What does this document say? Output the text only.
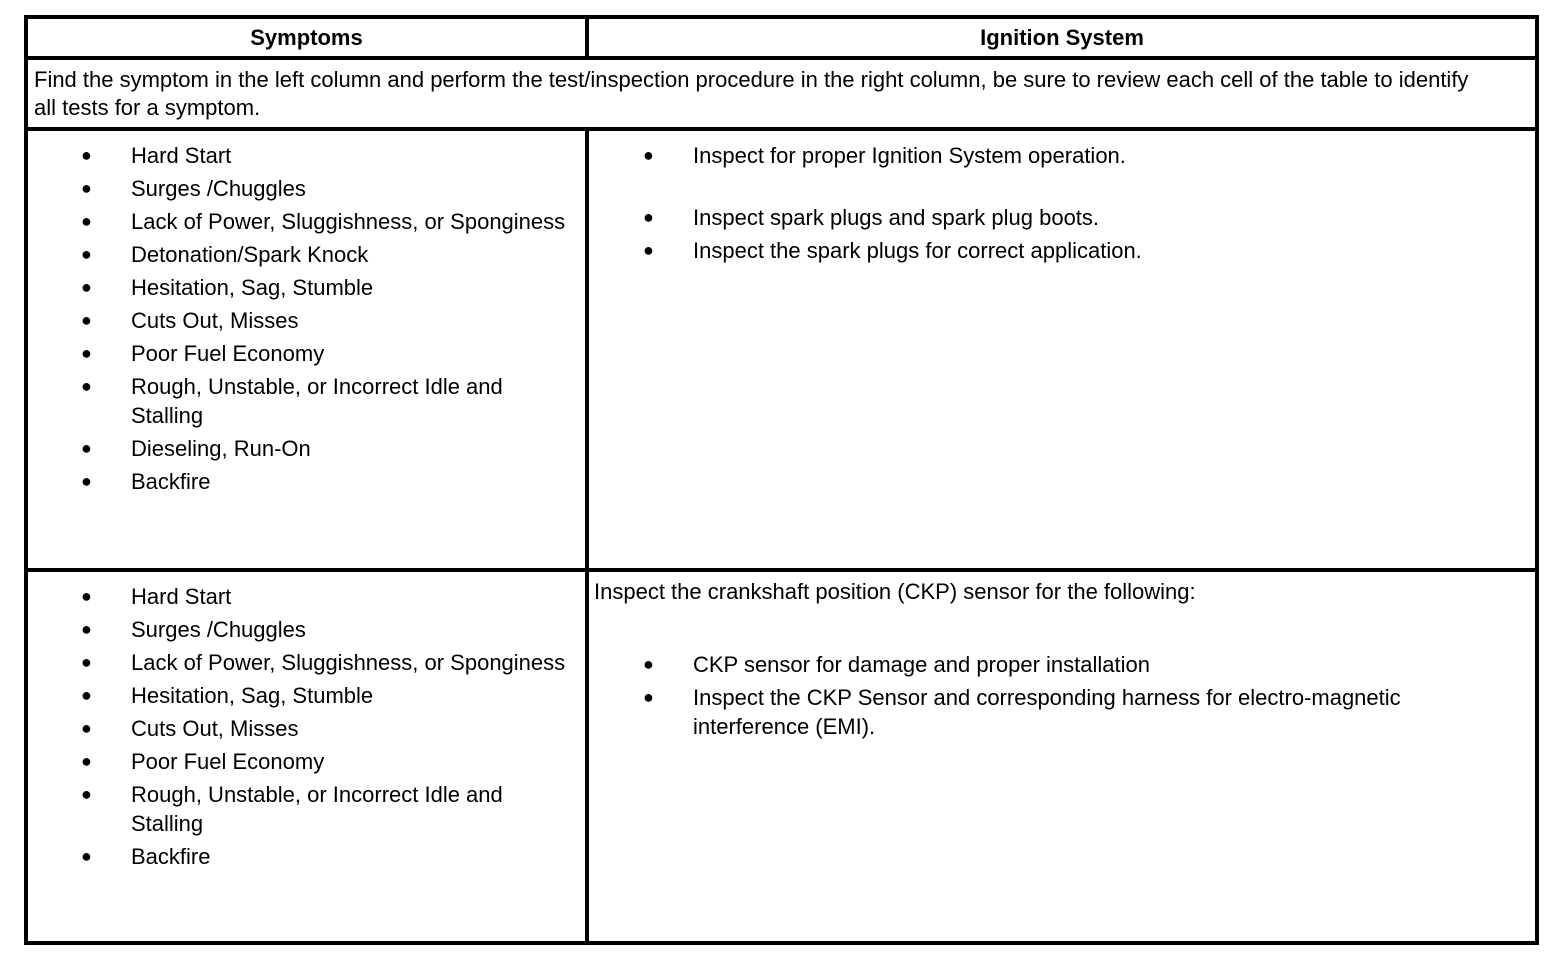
Symptoms	Ignition System
Find the symptom in the left column and perform the test/inspection procedure in the right column, be sure to review each cell of the table to identify all tests for a symptom.
● Hard Start
● Surges /Chuggles
● Lack of Power, Sluggishness, or Sponginess
● Detonation/Spark Knock
● Hesitation, Sag, Stumble
● Cuts Out, Misses
● Poor Fuel Economy
● Rough, Unstable, or Incorrect Idle and Stalling
● Dieseling, Run-On
● Backfire
● Inspect for proper Ignition System operation.
● Inspect spark plugs and spark plug boots.
● Inspect the spark plugs for correct application.
● Hard Start
● Surges /Chuggles
● Lack of Power, Sluggishness, or Sponginess
● Hesitation, Sag, Stumble
● Cuts Out, Misses
● Poor Fuel Economy
● Rough, Unstable, or Incorrect Idle and Stalling
● Backfire
Inspect the crankshaft position (CKP) sensor for the following:
● CKP sensor for damage and proper installation
● Inspect the CKP Sensor and corresponding harness for electro-magnetic interference (EMI).
